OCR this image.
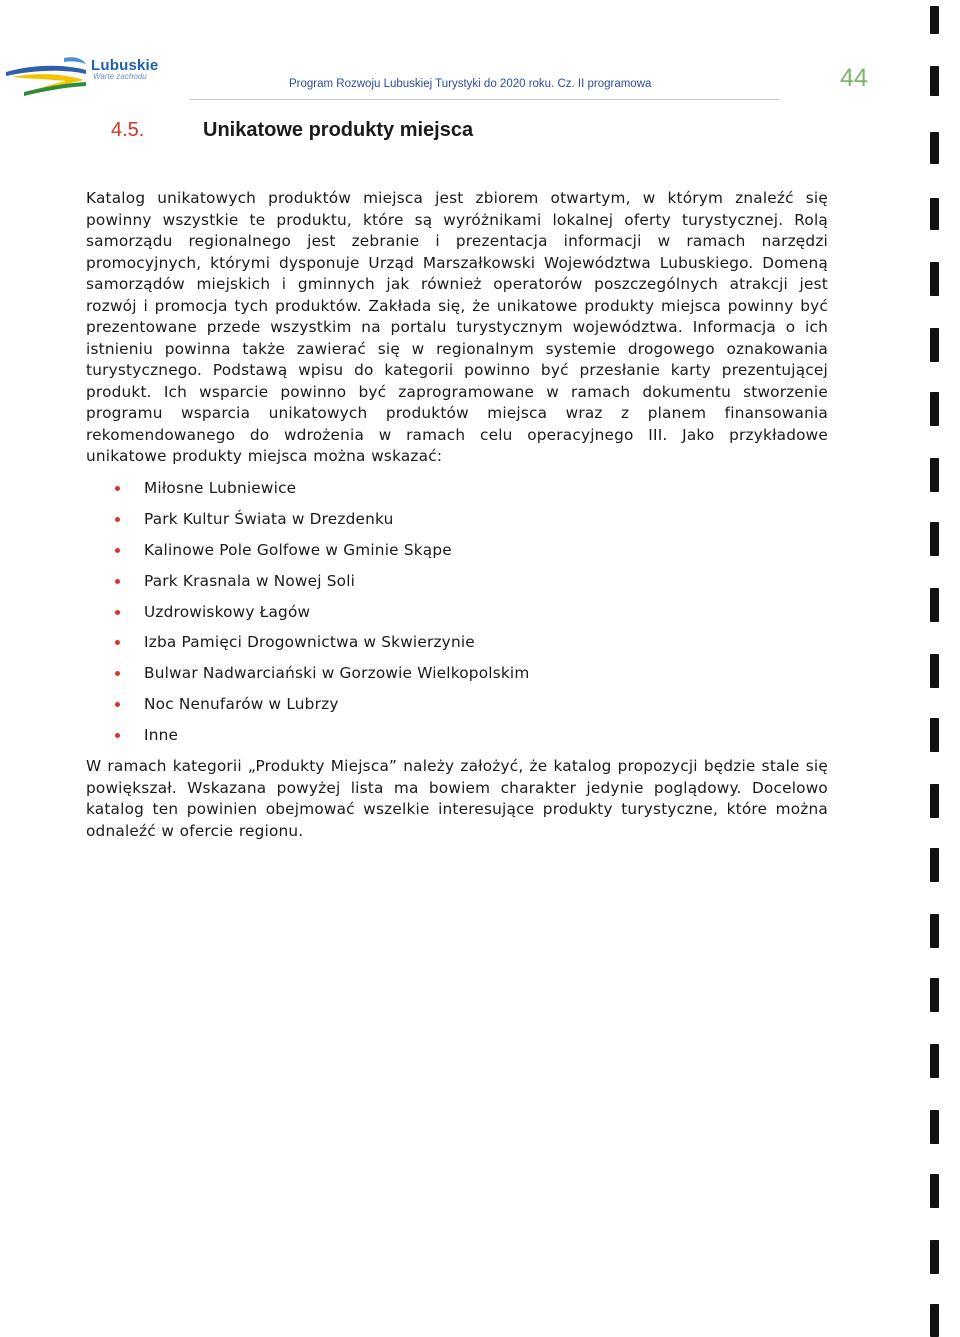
Lubuskie
Warte zachodu
Program Rozwoju Lubuskiej Turystyki do 2020 roku. Cz. II programowa	44
4.5.	Unikatowe produkty miejsca
Katalog unikatowych produktów miejsca jest zbiorem otwartym, w którym znaleźć się powinny wszystkie te produktu, które są wyróżnikami lokalnej oferty turystycznej. Rolą samorządu regionalnego jest zebranie i prezentacja informacji w ramach narzędzi promocyjnych, którymi dysponuje Urząd Marszałkowski Województwa Lubuskiego. Domeną samorządów miejskich i gminnych jak również operatorów poszczególnych atrakcji jest rozwój i promocja tych produktów. Zakłada się, że unikatowe produkty miejsca powinny być prezentowane przede wszystkim na portalu turystycznym województwa. Informacja o ich istnieniu powinna także zawierać się w regionalnym systemie drogowego oznakowania turystycznego. Podstawą wpisu do kategorii powinno być przesłanie karty prezentującej produkt. Ich wsparcie powinno być zaprogramowane w ramach dokumentu stworzenie programu wsparcia unikatowych produktów miejsca wraz z planem finansowania rekomendowanego do wdrożenia w ramach celu operacyjnego III. Jako przykładowe unikatowe produkty miejsca można wskazać:
Miłosne Lubniewice
Park Kultur Świata w Drezdenku
Kalinowe Pole Golfowe w Gminie Skąpe
Park Krasnala w Nowej Soli
Uzdrowiskowy Łagów
Izba Pamięci Drogownictwa w Skwierzynie
Bulwar Nadwarciański w Gorzowie Wielkopolskim
Noc Nenufarów w Lubrzy
Inne
W ramach kategorii „Produkty Miejsca” należy założyć, że katalog propozycji będzie stale się powiększał. Wskazana powyżej lista ma bowiem charakter jedynie poglądowy. Docelowo katalog ten powinien obejmować wszelkie interesujące produkty turystyczne, które można odnaleźć w ofercie regionu.
